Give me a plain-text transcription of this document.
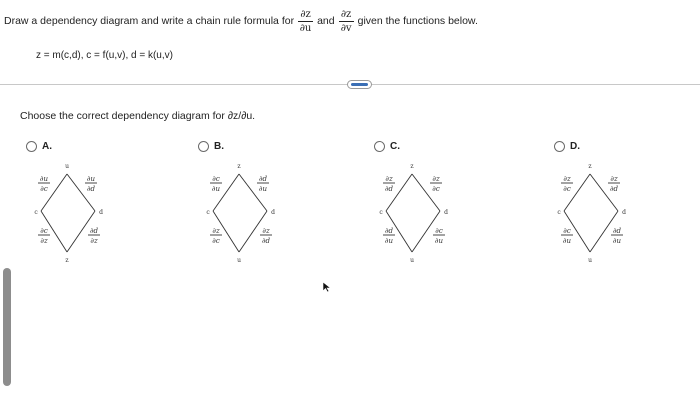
Draw a dependency diagram and write a chain rule formula for $\frac{\partial z}{\partial u}$ and $\frac{\partial z}{\partial v}$ given the functions below.
z = m(c,d), c = f(u,v), d = k(u,v)
Choose the correct dependency diagram for ∂z/∂u.
A.
u
c	d
z
∂u
∂c
∂u
∂d
∂c
∂z
∂d
∂z
B.
z
c	d
u
∂c
∂u
∂d
∂u
∂z
∂c
∂z
∂d
C.
z
c	d
u
∂z
∂d
∂z
∂c
∂d
∂u
∂c
∂u
D.
z
c	d
u
∂z
∂c
∂z
∂d
∂c
∂u
∂d
∂u
